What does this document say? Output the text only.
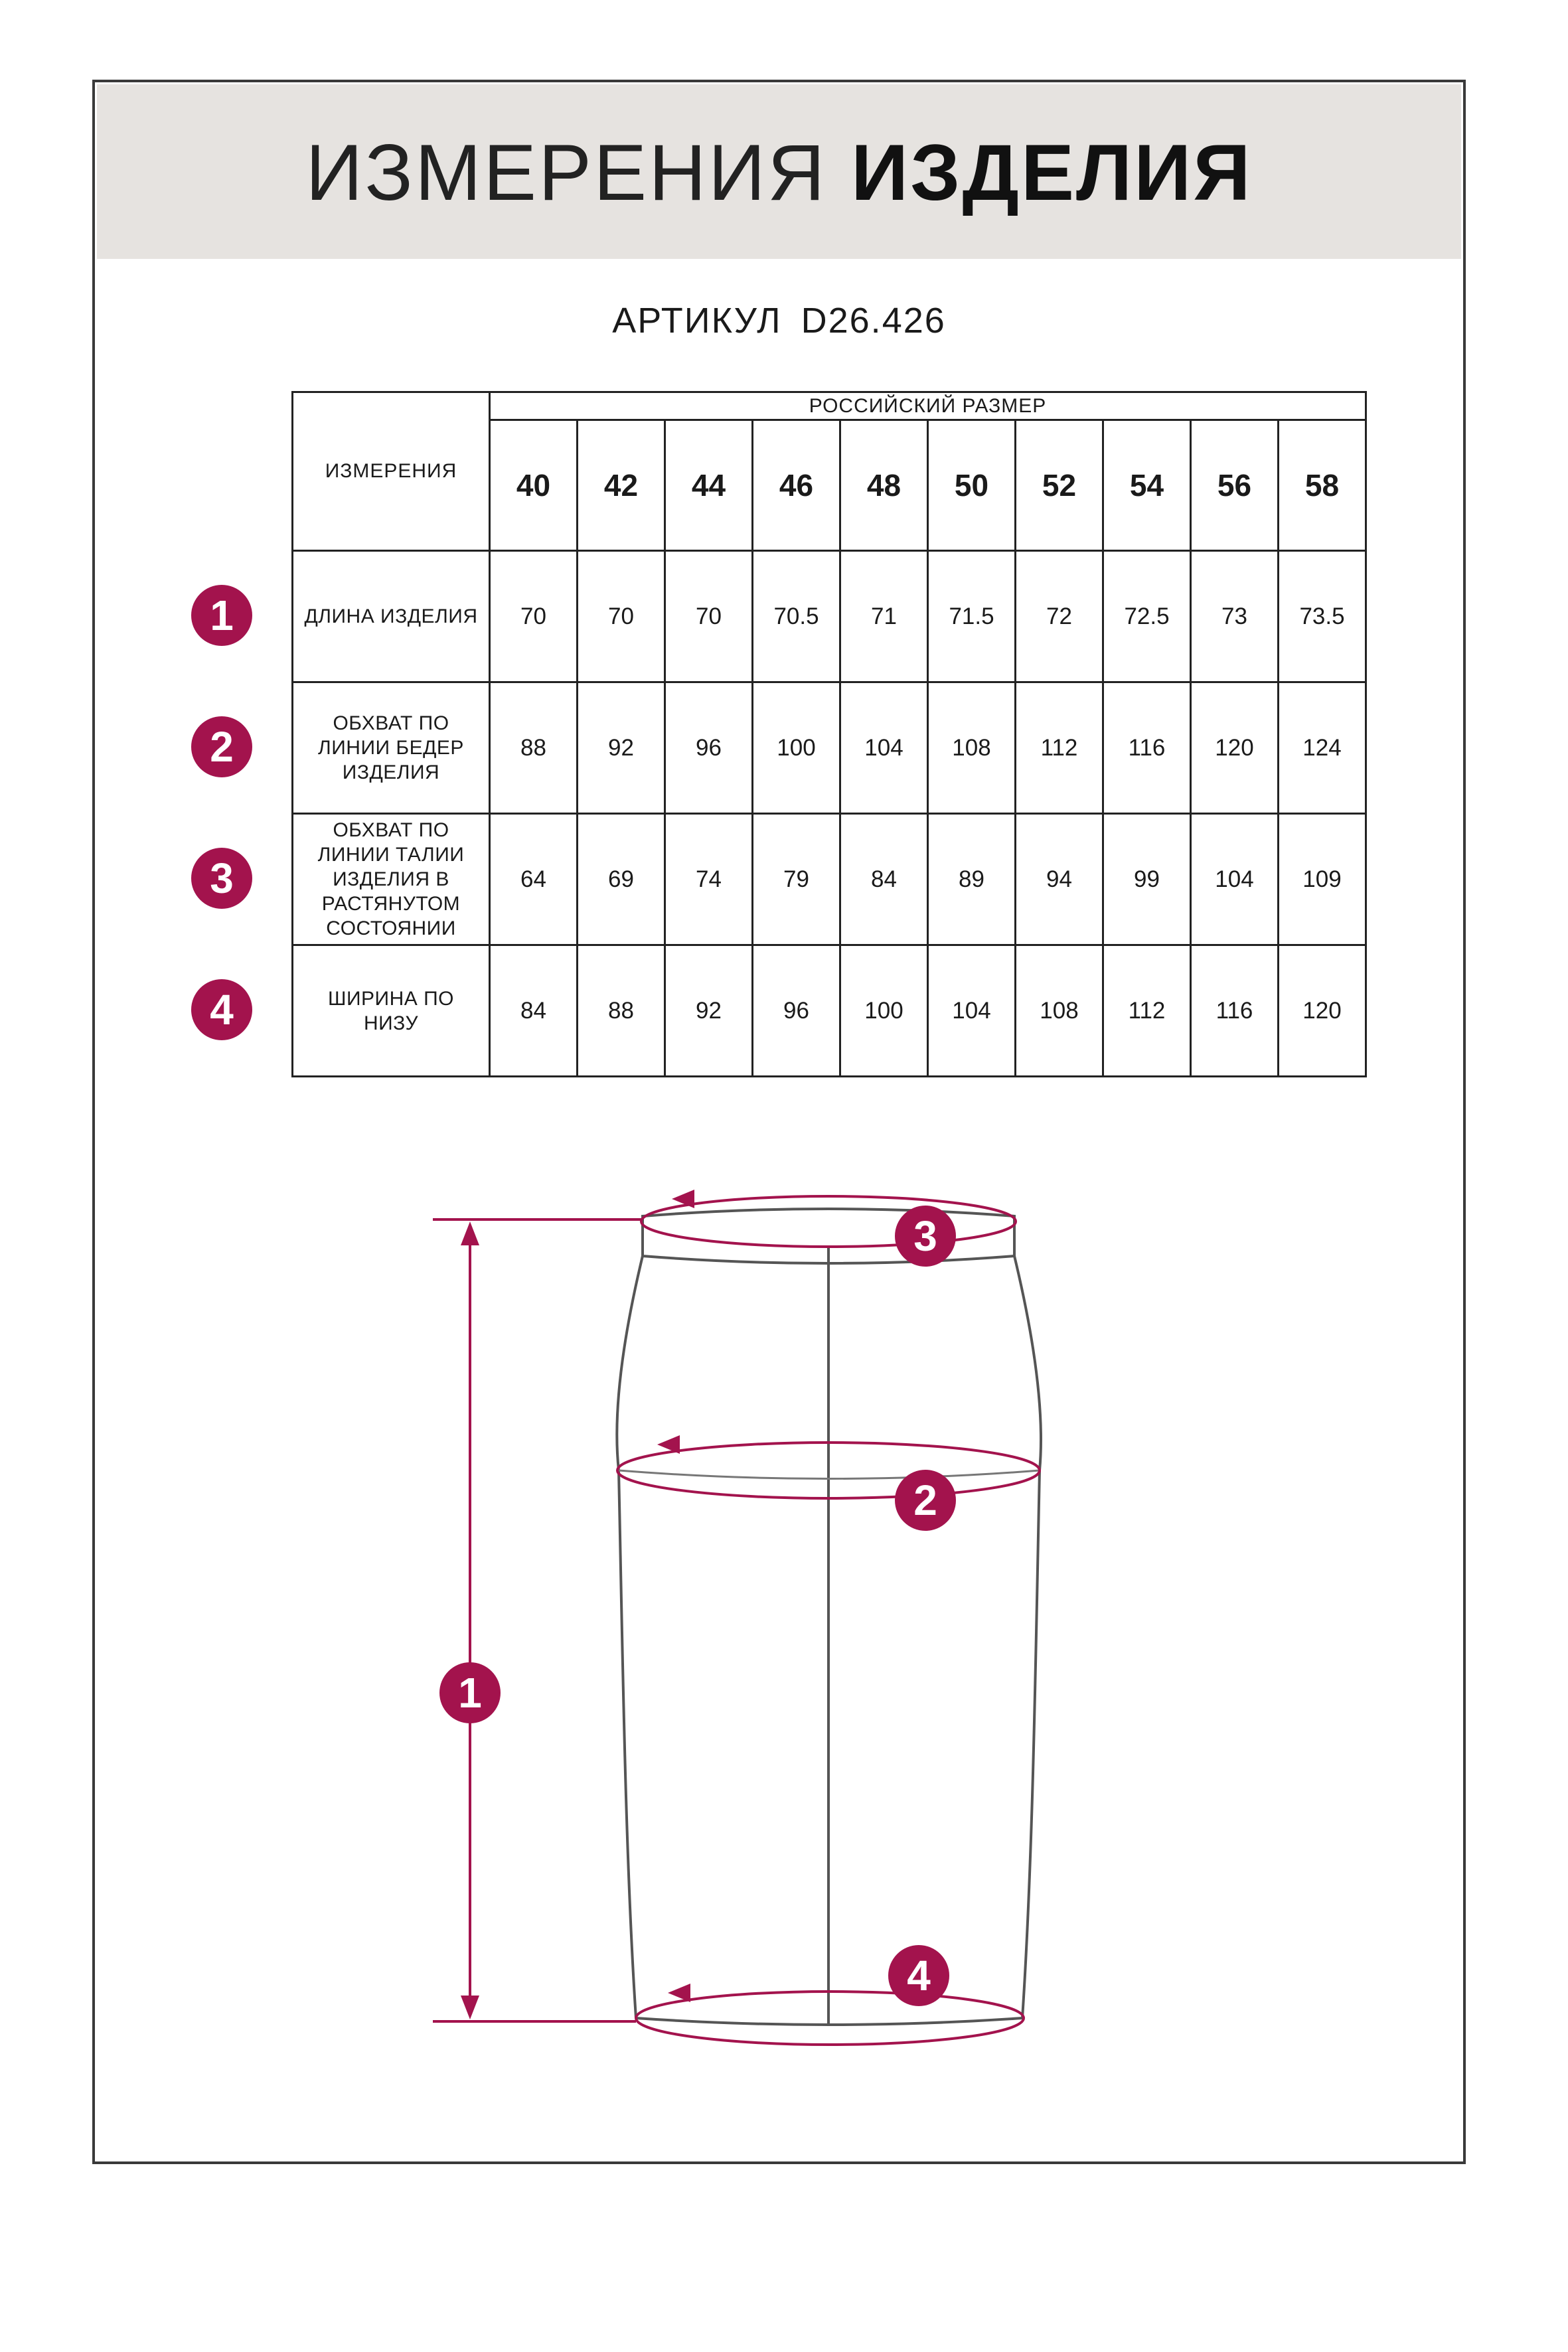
ИЗМЕРЕНИЯ ИЗДЕЛИЯ
АРТИКУЛ D26.426
ИЗМЕРЕНИЯ	РОССИЙСКИЙ РАЗМЕР									
	40	42	44	46	48	50	52	54	56	58

ДЛИНА ИЗДЕЛИЯ	70	70	70	70.5	71	71.5	72	72.5	73	73.5

ОБХВАТ ПО
ЛИНИИ БЕДЕР
ИЗДЕЛИЯ	88	92	96	100	104	108	112	116	120	124

ОБХВАТ ПО
ЛИНИИ ТАЛИИ
ИЗДЕЛИЯ В
РАСТЯНУТОМ
СОСТОЯНИИ	64	69	74	79	84	89	94	99	104	109

ШИРИНА ПО
НИЗУ	84	88	92	96	100	104	108	112	116	120
1
2
3
4
3
2
1
4
